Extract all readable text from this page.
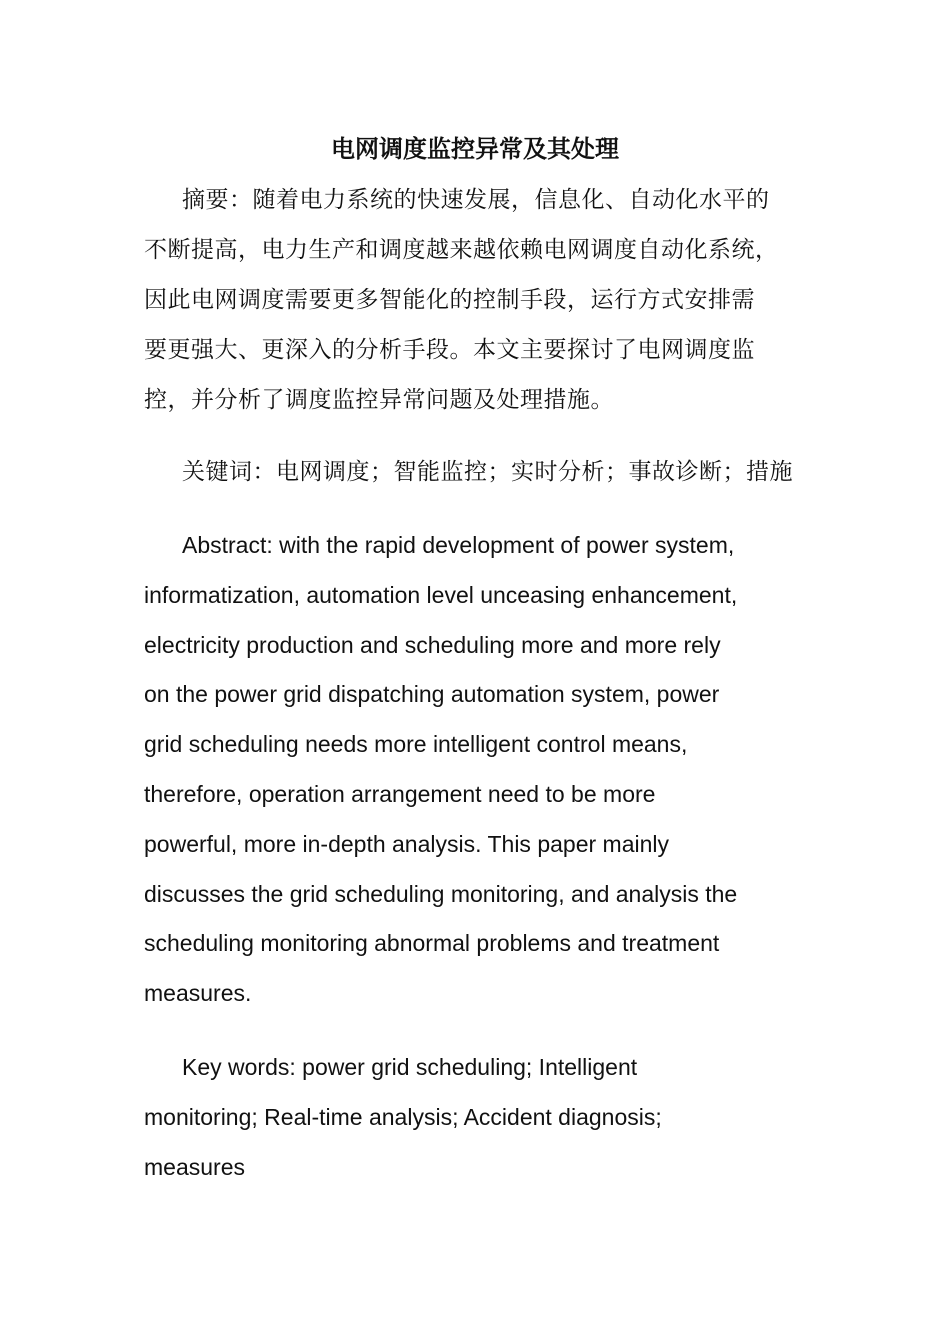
电网调度监控异常及其处理
摘要：随着电力系统的快速发展，信息化、自动化水平的
不断提高，电力生产和调度越来越依赖电网调度自动化系统，
因此电网调度需要更多智能化的控制手段，运行方式安排需
要更强大、更深入的分析手段。本文主要探讨了电网调度监
控，并分析了调度监控异常问题及处理措施。
关键词：电网调度；智能监控；实时分析；事故诊断；措施
Abstract: with the rapid development of power system,
informatization, automation level unceasing enhancement,
electricity production and scheduling more and more rely
on the power grid dispatching automation system, power
grid scheduling needs more intelligent control means,
therefore, operation arrangement need to be more
powerful, more in-depth analysis. This paper mainly
discusses the grid scheduling monitoring, and analysis the
scheduling monitoring abnormal problems and treatment
measures.
Key words: power grid scheduling; Intelligent
monitoring; Real-time analysis; Accident diagnosis;
measures
